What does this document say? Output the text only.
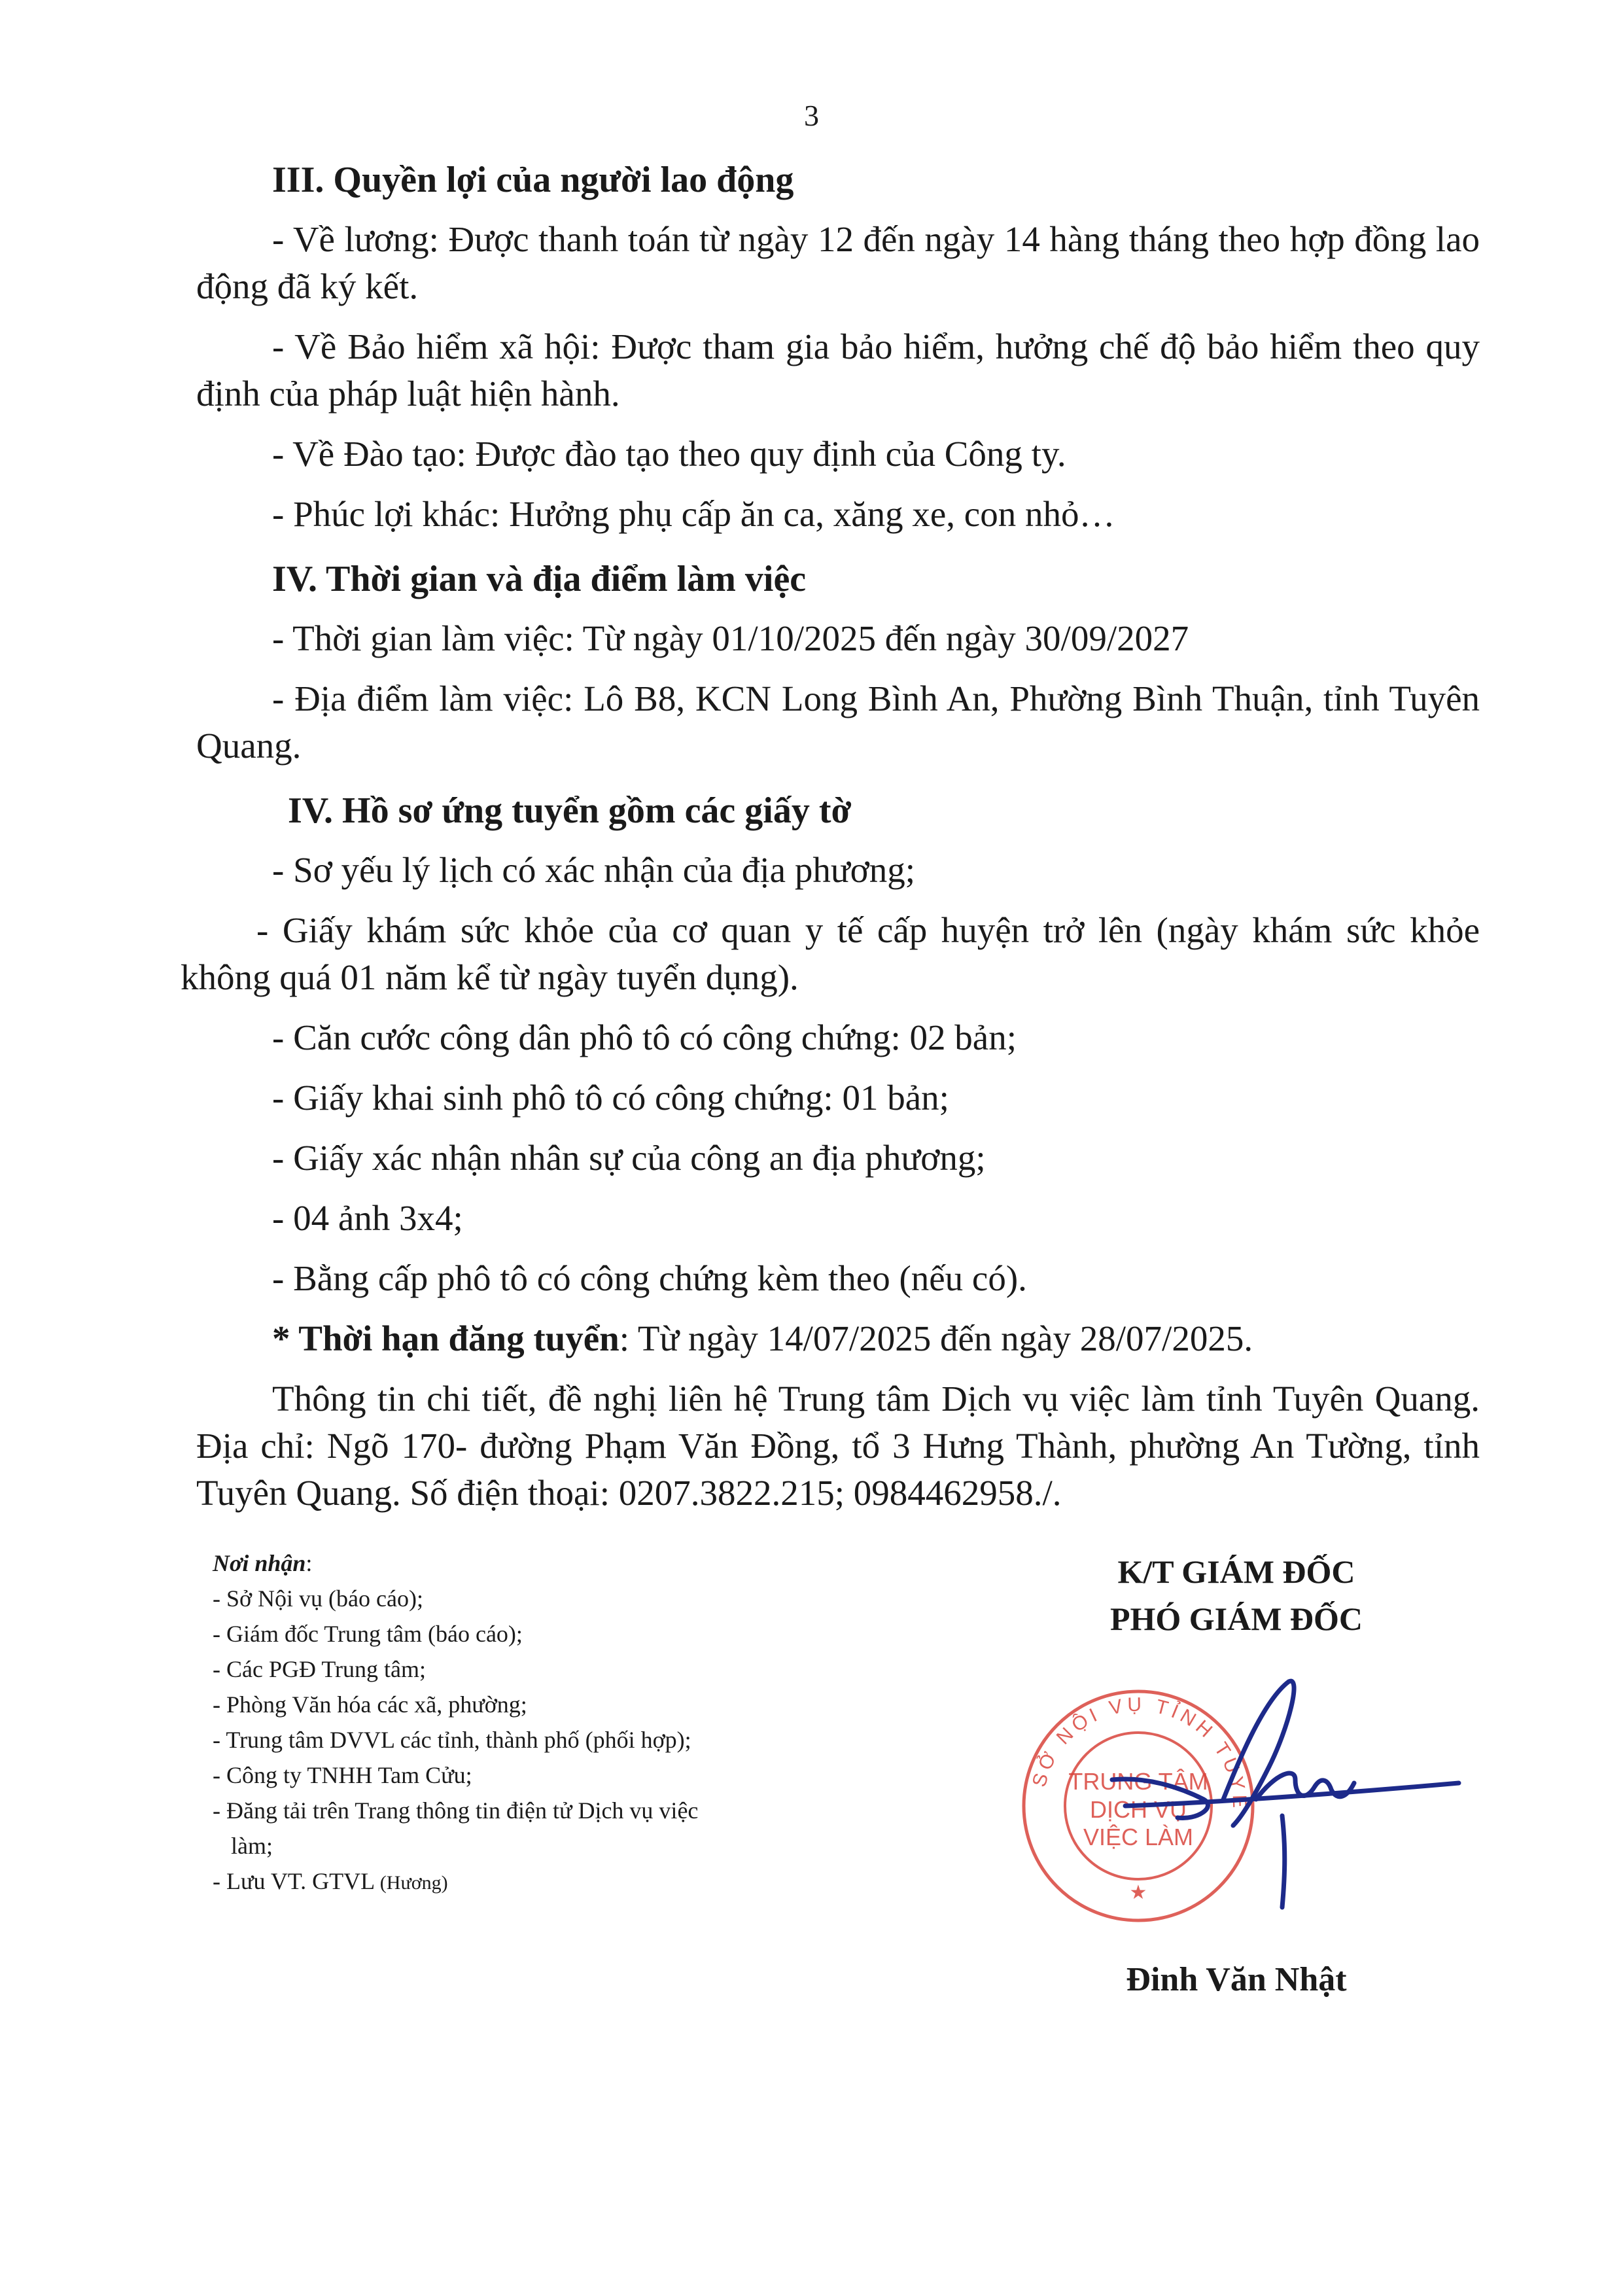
3
III. Quyền lợi của người lao động

- Về lương: Được thanh toán từ ngày 12 đến ngày 14 hàng tháng theo hợp đồng lao động đã ký kết.

- Về Bảo hiểm xã hội: Được tham gia bảo hiểm, hưởng chế độ bảo hiểm theo quy định của pháp luật hiện hành.

- Về Đào tạo: Được đào tạo theo quy định của Công ty.

- Phúc lợi khác: Hưởng phụ cấp ăn ca, xăng xe, con nhỏ…

IV. Thời gian và địa điểm làm việc

- Thời gian làm việc: Từ ngày 01/10/2025 đến ngày 30/09/2027

- Địa điểm làm việc: Lô B8, KCN Long Bình An, Phường Bình Thuận, tỉnh Tuyên Quang.

IV. Hồ sơ ứng tuyển gồm các giấy tờ

- Sơ yếu lý lịch có xác nhận của địa phương;

- Giấy khám sức khỏe của cơ quan y tế cấp huyện trở lên (ngày khám sức khỏe không quá 01 năm kể từ ngày tuyển dụng).

- Căn cước công dân phô tô có công chứng: 02 bản;

- Giấy khai sinh phô tô có công chứng: 01 bản;

- Giấy xác nhận nhân sự của công an địa phương;

- 04 ảnh 3x4;

- Bằng cấp phô tô có công chứng kèm theo (nếu có).

* Thời hạn đăng tuyển: Từ ngày 14/07/2025 đến ngày 28/07/2025.

Thông tin chi tiết, đề nghị liên hệ Trung tâm Dịch vụ việc làm tỉnh Tuyên Quang. Địa chỉ: Ngõ 170- đường Phạm Văn Đồng, tổ 3 Hưng Thành, phường An Tường, tỉnh Tuyên Quang. Số điện thoại: 0207.3822.215; 0984462958./.

Nơi nhận:
- Sở Nội vụ (báo cáo);
- Giám đốc Trung tâm (báo cáo);
- Các PGĐ Trung tâm;
- Phòng Văn hóa các xã, phường;
- Trung tâm DVVL các tỉnh, thành phố (phối hợp);
- Công ty TNHH Tam Cửu;
- Đăng tải trên Trang thông tin điện tử Dịch vụ việc
làm;
- Lưu VT. GTVL (Hương)
K/T GIÁM ĐỐC
PHÓ GIÁM ĐỐC
TRUNG TÂM
DỊCH VỤ
VIỆC LÀM
SỞ NỘI VỤ TỈNH TUYÊ
★
Đinh Văn Nhật
